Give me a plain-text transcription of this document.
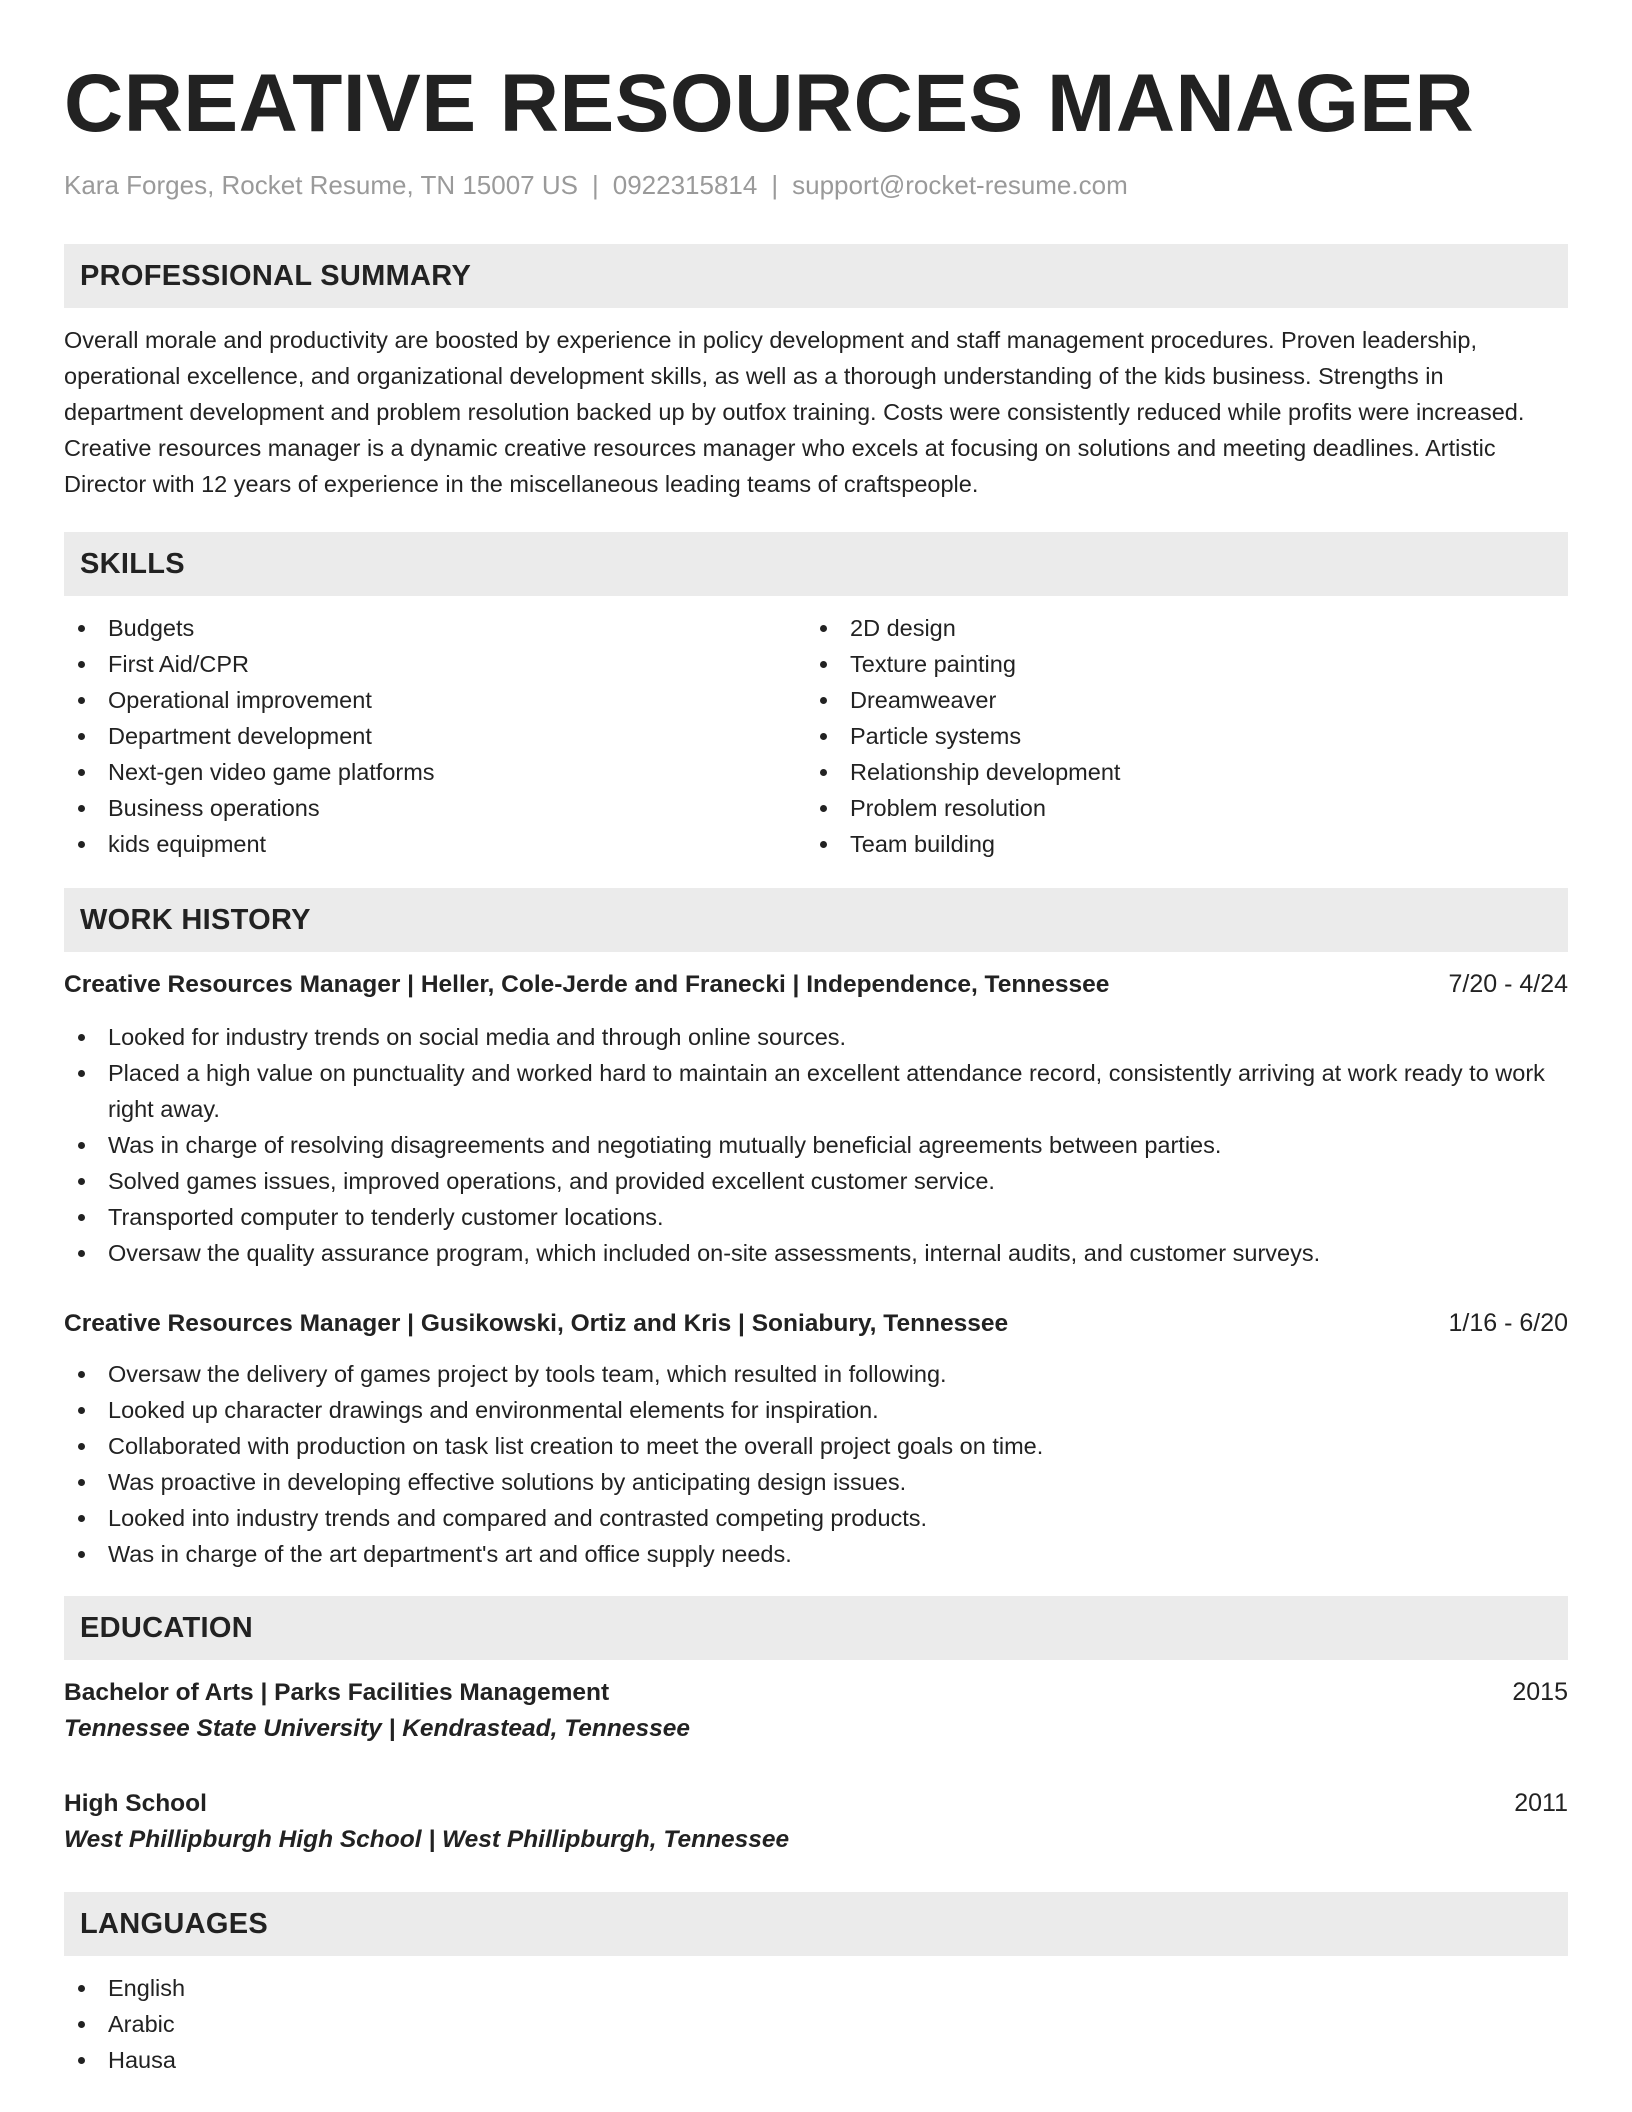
CREATIVE RESOURCES MANAGER
Kara Forges, Rocket Resume, TN 15007 US | 0922315814 | support@rocket-resume.com
PROFESSIONAL SUMMARY
Overall morale and productivity are boosted by experience in policy development and staff management procedures. Proven leadership, operational excellence, and organizational development skills, as well as a thorough understanding of the kids business. Strengths in department development and problem resolution backed up by outfox training. Costs were consistently reduced while profits were increased. Creative resources manager is a dynamic creative resources manager who excels at focusing on solutions and meeting deadlines. Artistic Director with 12 years of experience in the miscellaneous leading teams of craftspeople.
SKILLS
Budgets
First Aid/CPR
Operational improvement
Department development
Next-gen video game platforms
Business operations
kids equipment
2D design
Texture painting
Dreamweaver
Particle systems
Relationship development
Problem resolution
Team building
WORK HISTORY
Creative Resources Manager | Heller, Cole-Jerde and Franecki | Independence, Tennessee	7/20 - 4/24
Looked for industry trends on social media and through online sources.
Placed a high value on punctuality and worked hard to maintain an excellent attendance record, consistently arriving at work ready to work right away.
Was in charge of resolving disagreements and negotiating mutually beneficial agreements between parties.
Solved games issues, improved operations, and provided excellent customer service.
Transported computer to tenderly customer locations.
Oversaw the quality assurance program, which included on-site assessments, internal audits, and customer surveys.
Creative Resources Manager | Gusikowski, Ortiz and Kris | Soniabury, Tennessee	1/16 - 6/20
Oversaw the delivery of games project by tools team, which resulted in following.
Looked up character drawings and environmental elements for inspiration.
Collaborated with production on task list creation to meet the overall project goals on time.
Was proactive in developing effective solutions by anticipating design issues.
Looked into industry trends and compared and contrasted competing products.
Was in charge of the art department's art and office supply needs.
EDUCATION
Bachelor of Arts | Parks Facilities Management	2015
Tennessee State University | Kendrastead, Tennessee
High School	2011
West Phillipburgh High School | West Phillipburgh, Tennessee
LANGUAGES
English
Arabic
Hausa
